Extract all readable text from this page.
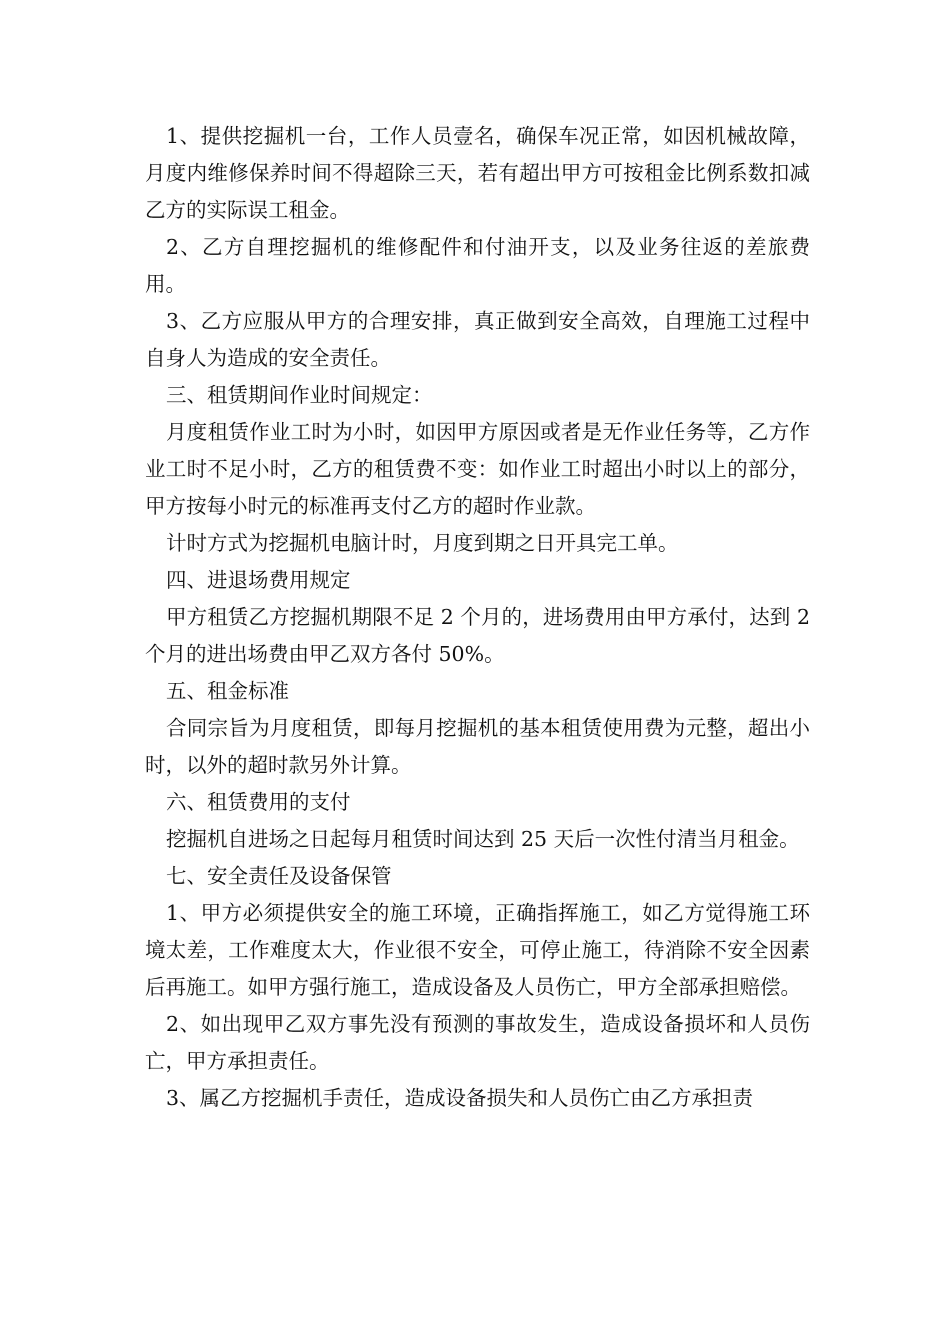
1、提供挖掘机一台，工作人员壹名，确保车况正常，如因机械故障，月度内维修保养时间不得超除三天，若有超出甲方可按租金比例系数扣减乙方的实际误工租金。

2、乙方自理挖掘机的维修配件和付油开支，以及业务往返的差旅费用。

3、乙方应服从甲方的合理安排，真正做到安全高效，自理施工过程中自身人为造成的安全责任。

三、租赁期间作业时间规定：

月度租赁作业工时为小时，如因甲方原因或者是无作业任务等，乙方作业工时不足小时，乙方的租赁费不变：如作业工时超出小时以上的部分，甲方按每小时元的标准再支付乙方的超时作业款。

计时方式为挖掘机电脑计时，月度到期之日开具完工单。

四、进退场费用规定

甲方租赁乙方挖掘机期限不足 2 个月的，进场费用由甲方承付，达到 2 个月的进出场费由甲乙双方各付 50%。

五、租金标准

合同宗旨为月度租赁，即每月挖掘机的基本租赁使用费为元整，超出小时，以外的超时款另外计算。

六、租赁费用的支付

挖掘机自进场之日起每月租赁时间达到 25 天后一次性付清当月租金。

七、安全责任及设备保管

1、甲方必须提供安全的施工环境，正确指挥施工，如乙方觉得施工环境太差，工作难度太大，作业很不安全，可停止施工，待消除不安全因素后再施工。如甲方强行施工，造成设备及人员伤亡，甲方全部承担赔偿。

2、如出现甲乙双方事先没有预测的事故发生，造成设备损坏和人员伤亡，甲方承担责任。

3、属乙方挖掘机手责任，造成设备损失和人员伤亡由乙方承担责
